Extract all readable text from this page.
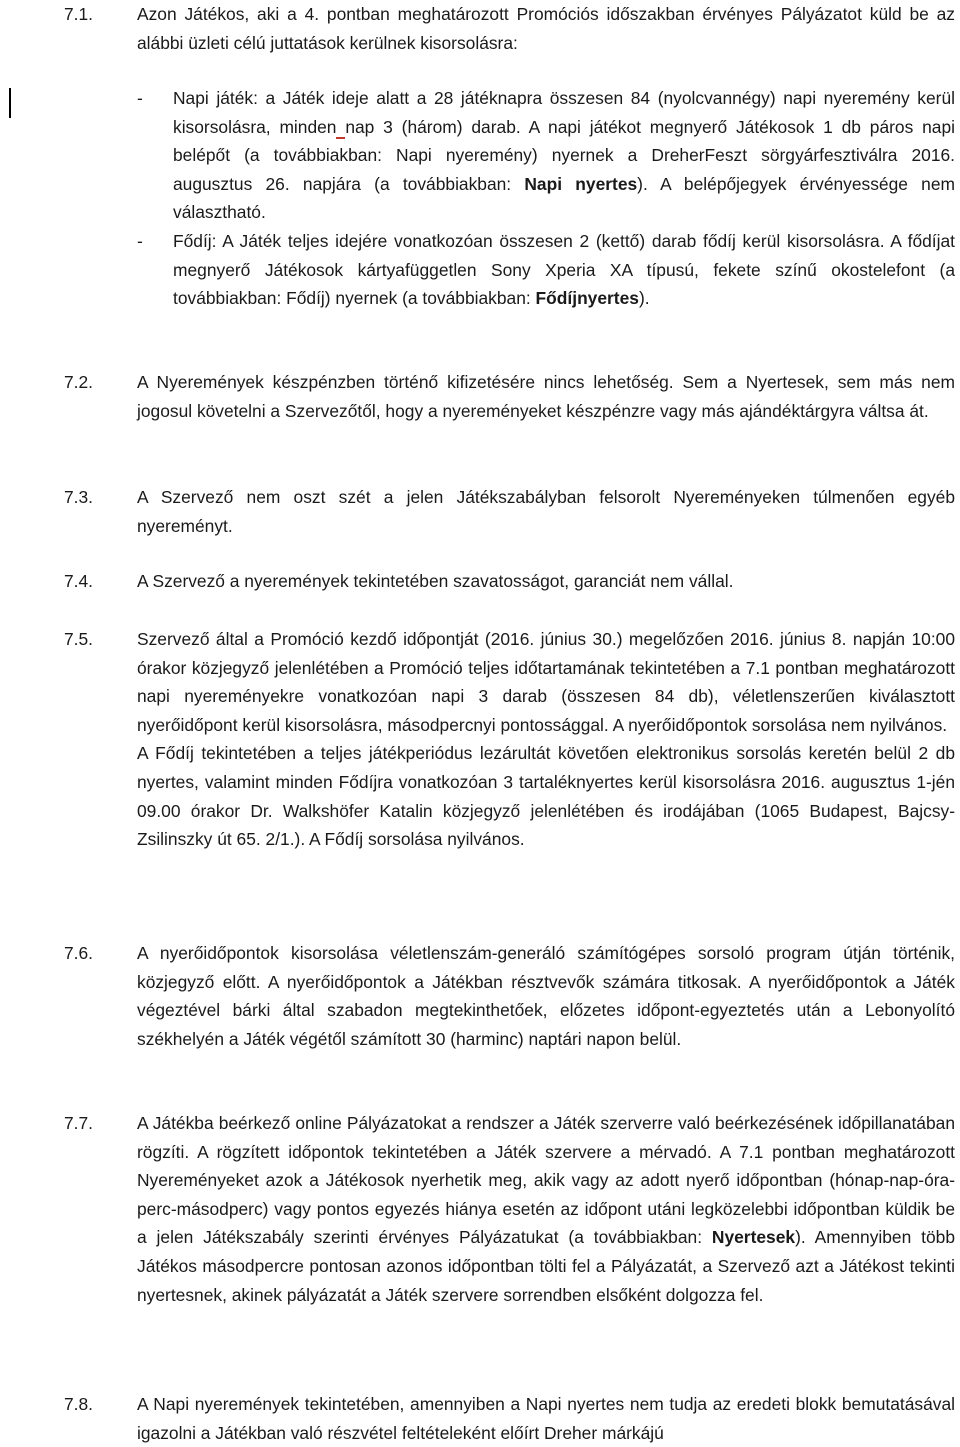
7.1.	Azon Játékos, aki a 4. pontban meghatározott Promóciós időszakban érvényes Pályázatot küld be az alábbi üzleti célú juttatások kerülnek kisorsolásra:
- Napi játék: a Játék ideje alatt a 28 játéknapra összesen 84 (nyolcvannégy) napi nyeremény kerül kisorsolásra, minden nap 3 (három) darab. A napi játékot megnyerő Játékosok 1 db páros napi belépőt (a továbbiakban: Napi nyeremény) nyernek a DreherFeszt sörgyárfesztiválra 2016. augusztus 26. napjára (a továbbiakban: Napi nyertes). A belépőjegyek érvényessége nem választható.
- Fődíj: A Játék teljes idejére vonatkozóan összesen 2 (kettő) darab fődíj kerül kisorsolásra. A fődíjat megnyerő Játékosok kártyafüggetlen Sony Xperia XA típusú, fekete színű okostelefont (a továbbiakban: Fődíj) nyernek (a továbbiakban: Fődíjnyertes).
7.2.	A Nyeremények készpénzben történő kifizetésére nincs lehetőség. Sem a Nyertesek, sem más nem jogosul követelni a Szervezőtől, hogy a nyereményeket készpénzre vagy más ajándéktárgyra váltsa át.
7.3.	A Szervező nem oszt szét a jelen Játékszabályban felsorolt Nyereményeken túlmenően egyéb nyereményt.
7.4.	A Szervező a nyeremények tekintetében szavatosságot, garanciát nem vállal.
7.5.	Szervező által a Promóció kezdő időpontját (2016. június 30.) megelőzően 2016. június 8. napján 10:00 órakor közjegyző jelenlétében a Promóció teljes időtartamának tekintetében a 7.1 pontban meghatározott napi nyereményekre vonatkozóan napi 3 darab (összesen 84 db), véletlenszerűen kiválasztott nyerőidőpont kerül kisorsolásra, másodpercnyi pontossággal. A nyerőidőpontok sorsolása nem nyilvános.
A Fődíj tekintetében a teljes játékperiódus lezárultát követően elektronikus sorsolás keretén belül 2 db nyertes, valamint minden Fődíjra vonatkozóan 3 tartaléknyertes kerül kisorsolásra 2016. augusztus 1-jén 09.00 órakor Dr. Walkshöfer Katalin közjegyző jelenlétében és irodájában (1065 Budapest, Bajcsy-Zsilinszky út 65. 2/1.). A Fődíj sorsolása nyilvános.
7.6.	A nyerőidőpontok kisorsolása véletlenszám-generáló számítógépes sorsoló program útján történik, közjegyző előtt. A nyerőidőpontok a Játékban résztvevők számára titkosak. A nyerőidőpontok a Játék végeztével bárki által szabadon megtekinthetőek, előzetes időpont-egyeztetés után a Lebonyolító székhelyén a Játék végétől számított 30 (harminc) naptári napon belül.
7.7.	A Játékba beérkező online Pályázatokat a rendszer a Játék szerverre való beérkezésének időpillanatában rögzíti. A rögzített időpontok tekintetében a Játék szervere a mérvadó. A 7.1 pontban meghatározott Nyereményeket azok a Játékosok nyerhetik meg, akik vagy az adott nyerő időpontban (hónap-nap-óra-perc-másodperc) vagy pontos egyezés hiánya esetén az időpont utáni legközelebbi időpontban küldik be a jelen Játékszabály szerinti érvényes Pályázatukat (a továbbiakban: Nyertesek). Amennyiben több Játékos másodpercre pontosan azonos időpontban tölti fel a Pályázatát, a Szervező azt a Játékost tekinti nyertesnek, akinek pályázatát a Játék szervere sorrendben elsőként dolgozza fel.
7.8.	A Napi nyeremények tekintetében, amennyiben a Napi nyertes nem tudja az eredeti blokk bemutatásával igazolni a Játékban való részvétel feltételeként előírt Dreher márkájú
